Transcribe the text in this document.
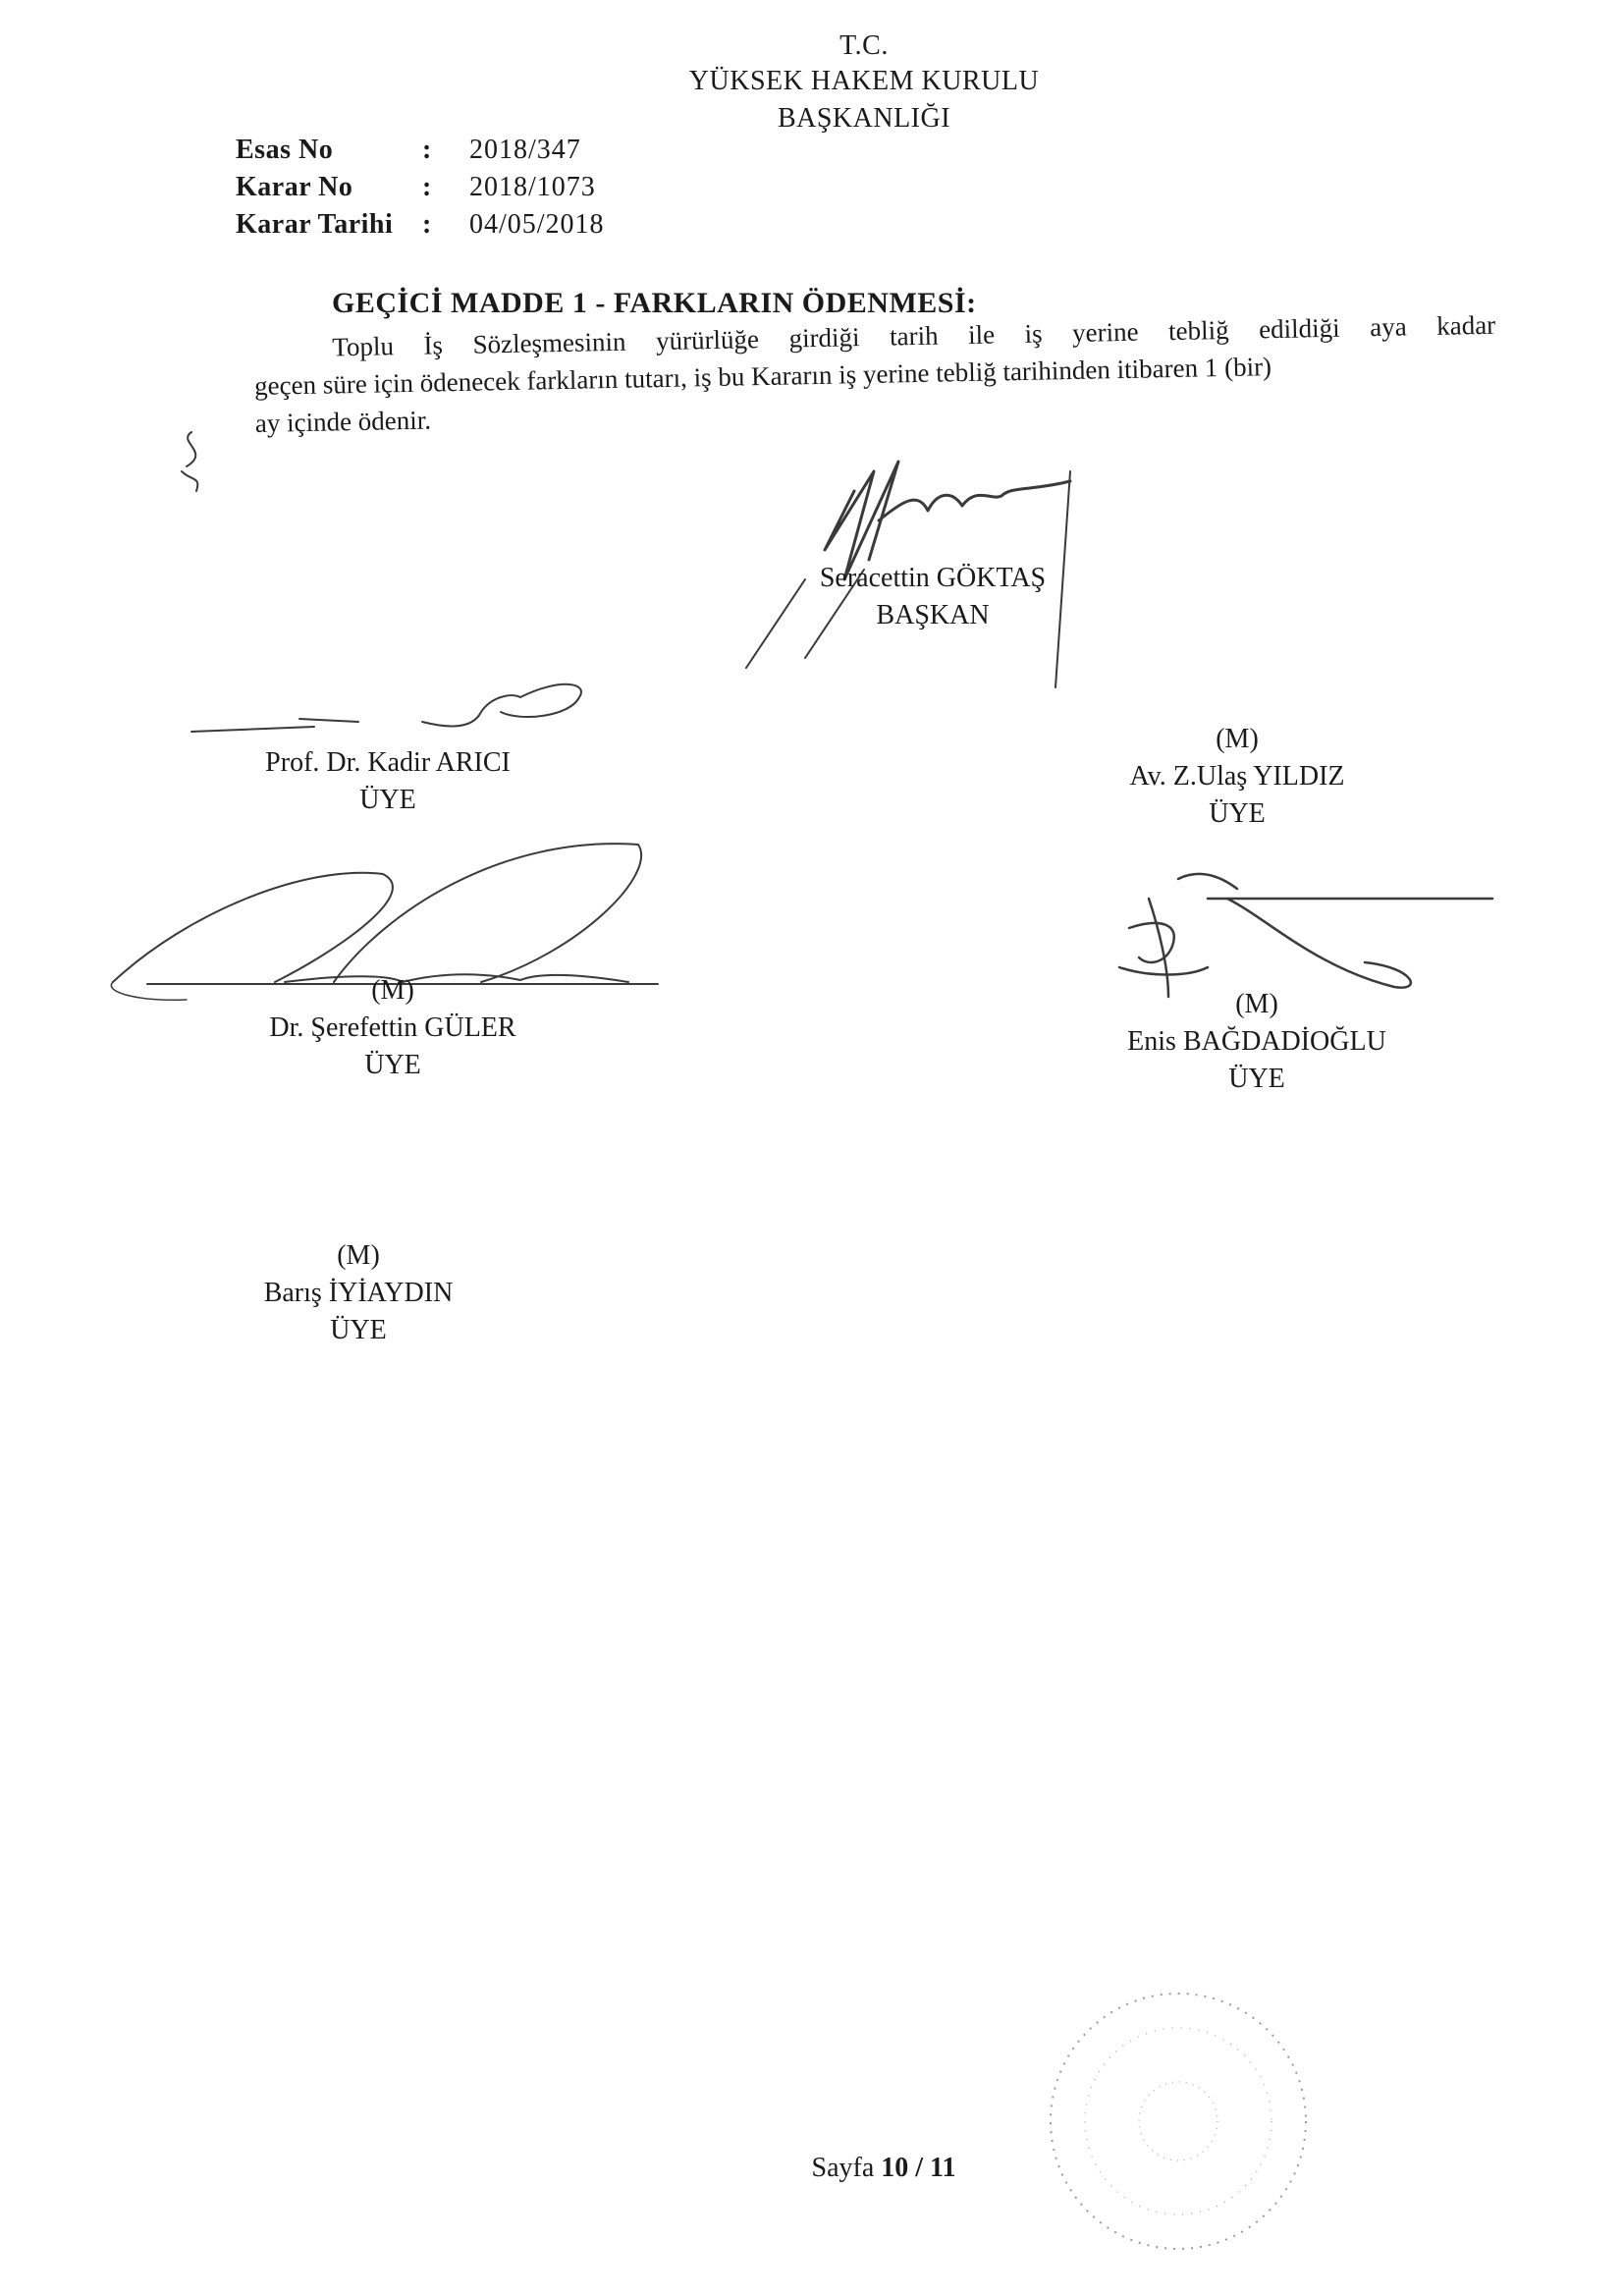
T.C.
YÜKSEK HAKEM KURULU
BAŞKANLIĞI
Esas No	:	2018/347
Karar No	:	2018/1073
Karar Tarihi	:	04/05/2018
GEÇİCİ MADDE 1 - FARKLARIN ÖDENMESİ:
Toplu İş Sözleşmesinin yürürlüğe girdiği tarih ile iş yerine tebliğ edildiği aya kadar
geçen süre için ödenecek farkların tutarı, iş bu Kararın iş yerine tebliğ tarihinden itibaren 1 (bir)
ay içinde ödenir.
Seracettin GÖKTAŞ
BAŞKAN
Prof. Dr. Kadir ARICI
ÜYE
(M)
Av. Z.Ulaş YILDIZ
ÜYE
(M)
Dr. Şerefettin GÜLER
ÜYE
(M)
Enis BAĞDADİOĞLU
ÜYE
(M)
Barış İYİAYDIN
ÜYE
Sayfa 10 / 11
